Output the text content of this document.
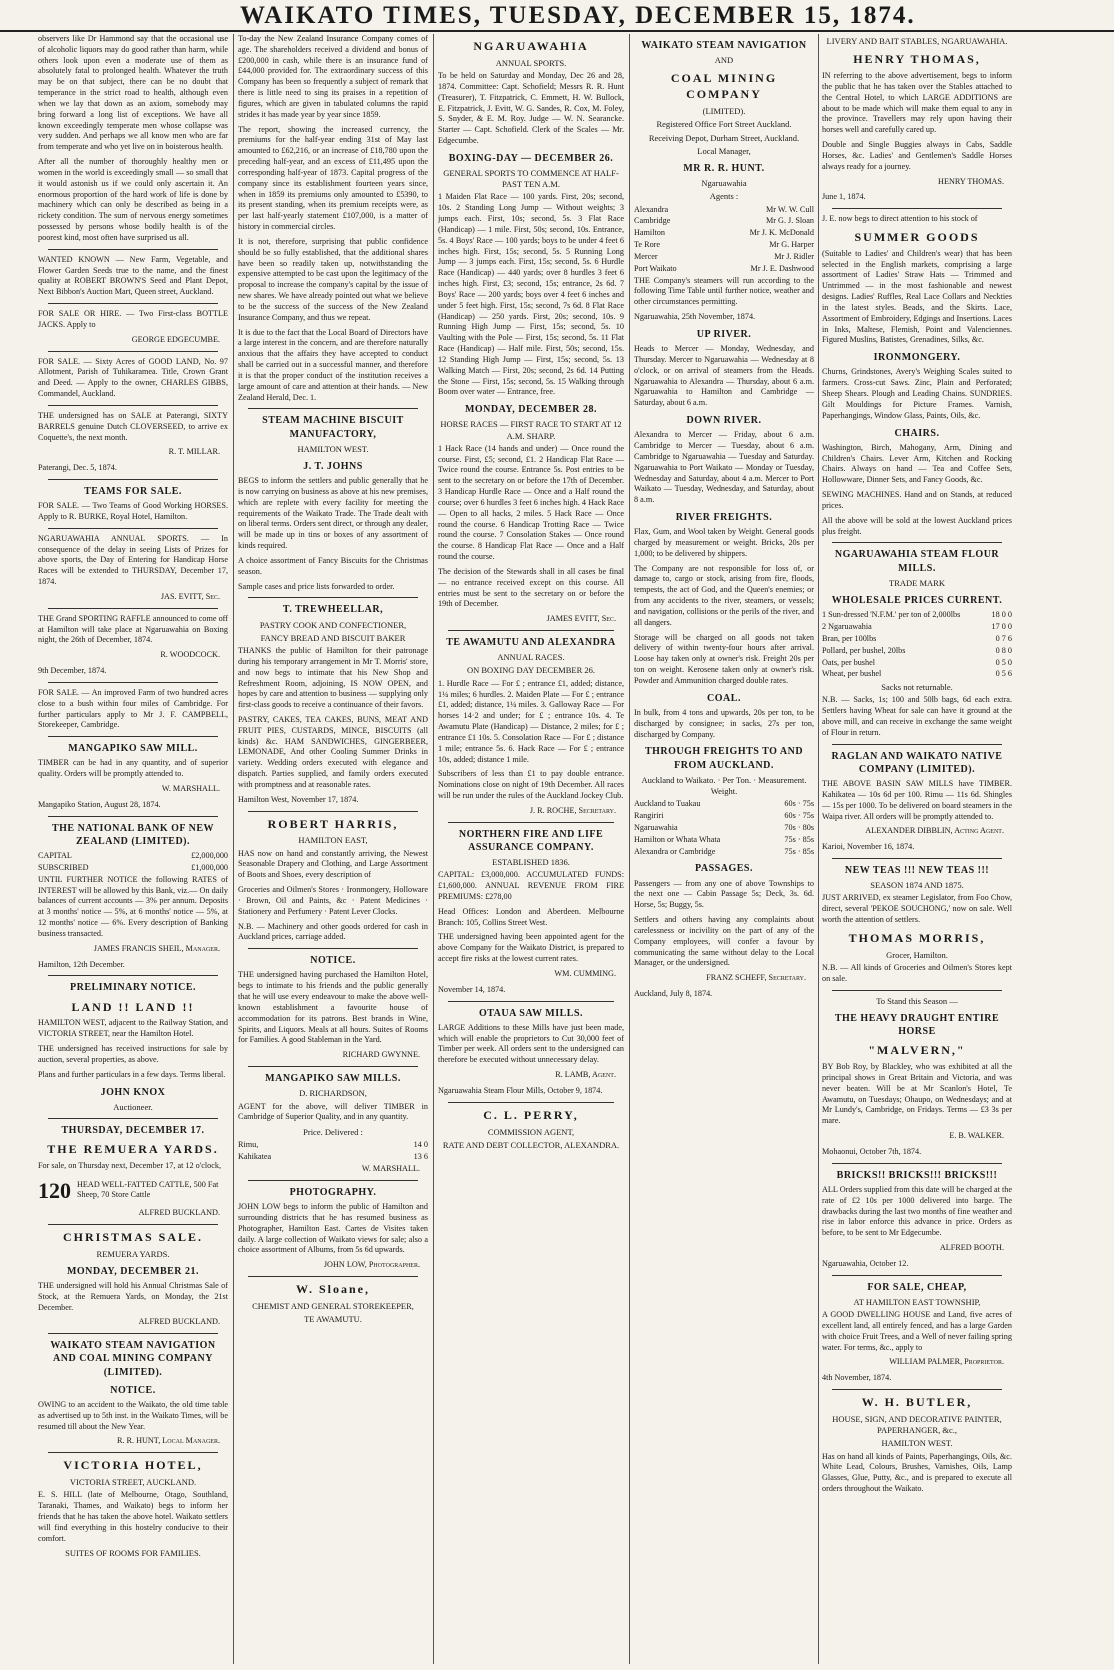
WAIKATO TIMES, TUESDAY, DECEMBER 15, 1874.

observers like Dr Hammond say that the occasional use of alcoholic liquors may do good rather than harm, while others look upon even a moderate use of them as absolutely fatal to prolonged health. Whatever the truth may be on that subject, there can be no doubt that temperance in the strict road to health, although even when we lay that down as an axiom, somebody may bring forward a long list of exceptions. We have all known exceedingly temperate men whose collapse was very sudden. And perhaps we all know men who are far from temperate and who yet live on in boisterous health.

After all the number of thoroughly healthy men or women in the world is exceedingly small — so small that it would astonish us if we could only ascertain it. An enormous proportion of the hard work of life is done by machinery which can only be described as being in a rickety condition. The sum of nervous energy sometimes possessed by persons whose bodily health is of the poorest kind, most often have surprised us all.

WANTED KNOWN — New Farm, Vegetable, and Flower Garden Seeds true to the name, and the finest quality at ROBERT BROWN'S Seed and Plant Depot, Next Bibbon's Auction Mart, Queen street, Auckland.

FOR SALE OR HIRE. — Two First-class BOTTLE JACKS. Apply to

GEORGE EDGECUMBE.

FOR SALE. — Sixty Acres of GOOD LAND, No. 97 Allotment, Parish of Tuhikaramea. Title, Crown Grant and Deed. — Apply to the owner, CHARLES GIBBS, Commandel, Auckland.

THE undersigned has on SALE at Paterangi, SIXTY BARRELS genuine Dutch CLOVERSEED, to arrive ex Coquette's, the next month.

R. T. MILLAR.

Paterangi, Dec. 5, 1874.

TEAMS FOR SALE.

FOR SALE. — Two Teams of Good Working HORSES. Apply to R. BURKE, Royal Hotel, Hamilton.

NGARUAWAHIA ANNUAL SPORTS. — In consequence of the delay in seeing Lists of Prizes for above sports, the Day of Entering for Handicap Horse Races will be extended to THURSDAY, December 17, 1874.

JAS. EVITT, Sec.

THE Grand SPORTING RAFFLE announced to come off at Hamilton will take place at Ngaruawahia on Boxing night, the 26th of December, 1874.

R. WOODCOCK.

9th December, 1874.

FOR SALE. — An improved Farm of two hundred acres close to a bush within four miles of Cambridge. For further particulars apply to Mr J. F. CAMPBELL, Storekeeper, Cambridge.

MANGAPIKO SAW MILL.

TIMBER can be had in any quantity, and of superior quality. Orders will be promptly attended to.

W. MARSHALL.

Mangapiko Station, August 28, 1874.

THE NATIONAL BANK OF NEW ZEALAND (LIMITED).
CAPITAL	£2,000,000
SUBSCRIBED	£1,000,000

UNTIL FURTHER NOTICE the following RATES of INTEREST will be allowed by this Bank, viz.— On daily balances of current accounts — 3% per annum. Deposits at 3 months' notice — 5%, at 6 months' notice — 5%, at 12 months' notice — 6%. Every description of Banking business transacted.

JAMES FRANCIS SHEIL, Manager.

Hamilton, 12th December.

PRELIMINARY NOTICE.
LAND !! LAND !!

HAMILTON WEST, adjacent to the Railway Station, and VICTORIA STREET, near the Hamilton Hotel.

THE undersigned has received instructions for sale by auction, several properties, as above.

Plans and further particulars in a few days. Terms liberal.

JOHN KNOX
Auctioneer.
THURSDAY, DECEMBER 17.
THE REMUERA YARDS.

For sale, on Thursday next, December 17, at 12 o'clock,

120 HEAD WELL-FATTED CATTLE, 500 Fat Sheep, 70 Store Cattle
ALFRED BUCKLAND.
CHRISTMAS SALE.
REMUERA YARDS.
MONDAY, DECEMBER 21.

THE undersigned will hold his Annual Christmas Sale of Stock, at the Remuera Yards, on Monday, the 21st December.

ALFRED BUCKLAND.
WAIKATO STEAM NAVIGATION AND COAL MINING COMPANY (LIMITED).
NOTICE.

OWING to an accident to the Waikato, the old time table as advertised up to 5th inst. in the Waikato Times, will be resumed till about the New Year.

R. R. HUNT, Local Manager.
VICTORIA HOTEL,
VICTORIA STREET, AUCKLAND.

E. S. HILL (late of Melbourne, Otago, Southland, Taranaki, Thames, and Waikato) begs to inform her friends that he has taken the above hotel. Waikato settlers will find everything in this hostelry conducive to their comfort.

SUITES OF ROOMS FOR FAMILIES.

To-day the New Zealand Insurance Company comes of age. The shareholders received a dividend and bonus of £200,000 in cash, while there is an insurance fund of £44,000 provided for. The extraordinary success of this Company has been so frequently a subject of remark that there is little need to sing its praises in a repetition of figures, which are given in tabulated columns the rapid strides it has made year by year since 1859.

The report, showing the increased currency, the premiums for the half-year ending 31st of May last amounted to £62,216, or an increase of £18,780 upon the preceding half-year, and an excess of £11,495 upon the corresponding half-year of 1873. Capital progress of the company since its establishment fourteen years since, when in 1859 its premiums only amounted to £5390, to its present standing, when its premium receipts were, as per last half-yearly statement £107,000, is a matter of history in commercial circles.

It is not, therefore, surprising that public confidence should be so fully established, that the additional shares have been so readily taken up, notwithstanding the expensive attempted to be cast upon the legitimacy of the proposal to increase the company's capital by the issue of new shares. We have already pointed out what we believe to be the success of the success of the New Zealand Insurance Company, and thus we repeat.

It is due to the fact that the Local Board of Directors have a large interest in the concern, and are therefore naturally anxious that the affairs they have accepted to conduct shall be carried out in a successful manner, and therefore it is that the proper conduct of the institution receives a large amount of care and attention at their hands. — New Zealand Herald, Dec. 1.

STEAM MACHINE BISCUIT MANUFACTORY,
HAMILTON WEST.
J. T. JOHNS

BEGS to inform the settlers and public generally that he is now carrying on business as above at his new premises, which are replete with every facility for meeting the requirements of the Waikato Trade. The Trade dealt with on liberal terms. Orders sent direct, or through any dealer, will be made up in tins or boxes of any assortment of kinds required.

A choice assortment of Fancy Biscuits for the Christmas season.

Sample cases and price lists forwarded to order.

T. TREWHEELLAR,
PASTRY COOK AND CONFECTIONER,
FANCY BREAD AND BISCUIT BAKER

THANKS the public of Hamilton for their patronage during his temporary arrangement in Mr T. Morris' store, and now begs to intimate that his New Shop and Refreshment Room, adjoining, IS NOW OPEN, and hopes by care and attention to business — supplying only first-class goods to receive a continuance of their favors.

PASTRY, CAKES, TEA CAKES, BUNS, MEAT AND FRUIT PIES, CUSTARDS, MINCE, BISCUITS (all kinds) &c. HAM SANDWICHES, GINGERBEER, LEMONADE, And other Cooling Summer Drinks in variety. Wedding orders executed with elegance and dispatch. Parties supplied, and family orders executed with promptness and at reasonable rates.

Hamilton West, November 17, 1874.

ROBERT HARRIS,
HAMILTON EAST,

HAS now on hand and constantly arriving, the Newest Seasonable Drapery and Clothing, and Large Assortment of Boots and Shoes, every description of

Groceries and Oilmen's Stores · Ironmongery, Holloware · Brown, Oil and Paints, &c · Patent Medicines · Stationery and Perfumery · Patent Lever Clocks.

N.B. — Machinery and other goods ordered for cash in Auckland prices, carriage added.

NOTICE.

THE undersigned having purchased the Hamilton Hotel, begs to intimate to his friends and the public generally that he will use every endeavour to make the above well-known establishment a favourite house of accommodation for its patrons. Best brands in Wine, Spirits, and Liquors. Meals at all hours. Suites of Rooms for Families. A good Stableman in the Yard.

RICHARD GWYNNE.
MANGAPIKO SAW MILLS.
D. RICHARDSON,

AGENT for the above, will deliver TIMBER in Cambridge of Superior Quality, and in any quantity.

Price. Delivered :
Rimu,	14 0
Kahikatea	13 6
W. MARSHALL.
PHOTOGRAPHY.

JOHN LOW begs to inform the public of Hamilton and surrounding districts that he has resumed business as Photographer, Hamilton East. Cartes de Visites taken daily. A large collection of Waikato views for sale; also a choice assortment of Albums, from 5s 6d upwards.

JOHN LOW, Photographer.
W. Sloane,
CHEMIST AND GENERAL STOREKEEPER,
TE AWAMUTU.
NGARUAWAHIA
ANNUAL SPORTS.

To be held on Saturday and Monday, Dec 26 and 28, 1874. Committee: Capt. Schofield; Messrs R. R. Hunt (Treasurer), T. Fitzpatrick, C. Emmett, H. W. Bullock, E. Fitzpatrick, J. Evitt, W. G. Sandes, R. Cox, M. Foley, S. Snyder, & E. M. Roy. Judge — W. N. Searancke. Starter — Capt. Schofield. Clerk of the Scales — Mr. Edgecumbe.

BOXING-DAY — DECEMBER 26.
GENERAL SPORTS TO COMMENCE AT HALF-PAST TEN A.M.

1 Maiden Flat Race — 100 yards. First, 20s; second, 10s. 2 Standing Long Jump — Without weights; 3 jumps each. First, 10s; second, 5s. 3 Flat Race (Handicap) — 1 mile. First, 50s; second, 10s. Entrance, 5s. 4 Boys' Race — 100 yards; boys to be under 4 feet 6 inches high. First, 15s; second, 5s. 5 Running Long Jump — 3 jumps each. First, 15s; second, 5s. 6 Hurdle Race (Handicap) — 440 yards; over 8 hurdles 3 feet 6 inches high. First, £3; second, 15s; entrance, 2s 6d. 7 Boys' Race — 200 yards; boys over 4 feet 6 inches and under 5 feet high. First, 15s; second, 7s 6d. 8 Flat Race (Handicap) — 250 yards. First, 20s; second, 10s. 9 Running High Jump — First, 15s; second, 5s. 10 Vaulting with the Pole — First, 15s; second, 5s. 11 Flat Race (Handicap) — Half mile. First, 50s; second, 15s. 12 Standing High Jump — First, 15s; second, 5s. 13 Walking Match — First, 20s; second, 2s 6d. 14 Putting the Stone — First, 15s; second, 5s. 15 Walking through Boom over water — Entrance, free.

MONDAY, DECEMBER 28.
HORSE RACES — FIRST RACE TO START AT 12 A.M. SHARP.

1 Hack Race (14 hands and under) — Once round the course. First, £5; second, £1. 2 Handicap Flat Race — Twice round the course. Entrance 5s. Post entries to be sent to the secretary on or before the 17th of December. 3 Handicap Hurdle Race — Once and a Half round the course; over 6 hurdles 3 feet 6 inches high. 4 Hack Race — Open to all hacks, 2 miles. 5 Hack Race — Once round the course. 6 Handicap Trotting Race — Twice round the course. 7 Consolation Stakes — Once round the course. 8 Handicap Flat Race — Once and a Half round the course.

The decision of the Stewards shall in all cases be final — no entrance received except on this course. All entries must be sent to the secretary on or before the 19th of December.

JAMES EVITT, Sec.
TE AWAMUTU AND ALEXANDRA
ANNUAL RACES.
ON BOXING DAY DECEMBER 26.

1. Hurdle Race — For £ ; entrance £1, added; distance, 1¼ miles; 6 hurdles. 2. Maiden Plate — For £ ; entrance £1, added; distance, 1¼ miles. 3. Galloway Race — For horses 14·2 and under; for £ ; entrance 10s. 4. Te Awamutu Plate (Handicap) — Distance, 2 miles; for £ ; entrance £1 10s. 5. Consolation Race — For £ ; distance 1 mile; entrance 5s. 6. Hack Race — For £ ; entrance 10s, added; distance 1 mile.

Subscribers of less than £1 to pay double entrance. Nominations close on night of 19th December. All races will be run under the rules of the Auckland Jockey Club.

J. R. ROCHE, Secretary.
NORTHERN FIRE AND LIFE ASSURANCE COMPANY.
ESTABLISHED 1836.

CAPITAL: £3,000,000. ACCUMULATED FUNDS: £1,600,000. ANNUAL REVENUE FROM FIRE PREMIUMS: £278,00

Head Offices: London and Aberdeen. Melbourne Branch: 105, Collins Street West.

THE undersigned having been appointed agent for the above Company for the Waikato District, is prepared to accept fire risks at the lowest current rates.

WM. CUMMING.

November 14, 1874.

OTAUA SAW MILLS.

LARGE Additions to these Mills have just been made, which will enable the proprietors to Cut 30,000 feet of Timber per week. All orders sent to the undersigned can therefore be executed without unnecessary delay.

R. LAMB, Agent.

Ngaruawahia Steam Flour Mills, October 9, 1874.

C. L. PERRY,
COMMISSION AGENT,
RATE AND DEBT COLLECTOR, ALEXANDRA.
WAIKATO STEAM NAVIGATION
AND
COAL MINING COMPANY
(LIMITED).
Registered Office Fort Street Auckland.
Receiving Depot, Durham Street, Auckland.
Local Manager,
MR R. R. HUNT.
Ngaruawahia
Agents :
Alexandra	Mr W. W. Cull
Cambridge	Mr G. J. Sloan
Hamilton	Mr J. K. McDonald
Te Rore	Mr G. Harper
Mercer	Mr J. Ridler
Port Waikato	Mr J. E. Dashwood

THE Company's steamers will run according to the following Time Table until further notice, weather and other circumstances permitting.

Ngaruawahia, 25th November, 1874.

UP RIVER.

Heads to Mercer — Monday, Wednesday, and Thursday. Mercer to Ngaruawahia — Wednesday at 8 o'clock, or on arrival of steamers from the Heads. Ngaruawahia to Alexandra — Thursday, about 6 a.m. Ngaruawahia to Hamilton and Cambridge — Saturday, about 6 a.m.

DOWN RIVER.

Alexandra to Mercer — Friday, about 6 a.m. Cambridge to Mercer — Tuesday, about 6 a.m. Cambridge to Ngaruawahia — Tuesday and Saturday. Ngaruawahia to Port Waikato — Monday or Tuesday, Wednesday and Saturday, about 4 a.m. Mercer to Port Waikato — Tuesday, Wednesday, and Saturday, about 8 a.m.

RIVER FREIGHTS.

Flax, Gum, and Wool taken by Weight. General goods charged by measurement or weight. Bricks, 20s per 1,000; to be delivered by shippers.

The Company are not responsible for loss of, or damage to, cargo or stock, arising from fire, floods, tempests, the act of God, and the Queen's enemies; or from any accidents to the river, steamers, or vessels; and navigation, collisions or the perils of the river, and all dangers.

Storage will be charged on all goods not taken delivery of within twenty-four hours after arrival. Loose hay taken only at owner's risk. Freight 20s per ton on weight. Kerosene taken only at owner's risk. Powder and Ammunition charged double rates.

COAL.

In bulk, from 4 tons and upwards, 20s per ton, to be discharged by consignee; in sacks, 27s per ton, discharged by Company.

THROUGH FREIGHTS TO AND FROM AUCKLAND.
Auckland to Waikato. · Per Ton. · Measurement. Weight.
Auckland to Tuakau	60s · 75s
Rangiriri	60s · 75s
Ngaruawahia	70s · 80s
Hamilton or Whata Whata	75s · 85s
Alexandra or Cambridge	75s · 85s
PASSAGES.

Passengers — from any one of above Townships to the next one — Cabin Passage 5s; Deck, 3s. 6d. Horse, 5s; Buggy, 5s.

Settlers and others having any complaints about carelessness or incivility on the part of any of the Company employees, will confer a favour by communicating the same without delay to the Local Manager, or the undersigned.

FRANZ SCHEFF, Secretary.

Auckland, July 8, 1874.

LIVERY AND BAIT STABLES, NGARUAWAHIA.
HENRY THOMAS,

IN referring to the above advertisement, begs to inform the public that he has taken over the Stables attached to the Central Hotel, to which LARGE ADDITIONS are about to be made which will make them equal to any in the province. Travellers may rely upon having their horses well and carefully cared up.

Double and Single Buggies always in Cabs, Saddle Horses, &c. Ladies' and Gentlemen's Saddle Horses always ready for a journey.

HENRY THOMAS.

June 1, 1874.

J. E. now begs to direct attention to his stock of

SUMMER GOODS

(Suitable to Ladies' and Children's wear) that has been selected in the English markets, comprising a large assortment of Ladies' Straw Hats — Trimmed and Untrimmed — in the most fashionable and newest designs. Ladies' Ruffles, Real Lace Collars and Neckties in the latest styles. Beads, and the Skirts. Lace, Assortment of Embroidery, Edgings and Insertions. Laces in Inks, Maltese, Flemish, Point and Valenciennes. Figured Muslins, Batistes, Grenadines, Silks, &c.

IRONMONGERY.

Churns, Grindstones, Avery's Weighing Scales suited to farmers. Cross-cut Saws. Zinc, Plain and Perforated; Sheep Shears. Plough and Leading Chains. SUNDRIES. Gilt Mouldings for Picture Frames. Varnish, Paperhangings, Window Glass, Paints, Oils, &c.

CHAIRS.

Washington, Birch, Mahogany, Arm, Dining and Children's Chairs. Lever Arm, Kitchen and Rocking Chairs. Always on hand — Tea and Coffee Sets, Hollowware, Dinner Sets, and Fancy Goods, &c.

SEWING MACHINES. Hand and on Stands, at reduced prices.

All the above will be sold at the lowest Auckland prices plus freight.

NGARUAWAHIA STEAM FLOUR MILLS.
TRADE MARK
WHOLESALE PRICES CURRENT.
1 Sun-dressed 'N.F.M.' per ton of 2,000lbs	18 0 0
2 Ngaruawahia	17 0 0
Bran, per 100lbs	0 7 6
Pollard, per bushel, 20lbs	0 8 0
Oats, per bushel	0 5 0
Wheat, per bushel	0 5 6
Sacks not returnable.

N.B. — Sacks, 1s; 100 and 50lb bags, 6d each extra. Settlers having Wheat for sale can have it ground at the above mill, and can receive in exchange the same weight of Flour in return.

RAGLAN AND WAIKATO NATIVE COMPANY (LIMITED).

THE ABOVE BASIN SAW MILLS have TIMBER. Kahikatea — 10s 6d per 100. Rimu — 11s 6d. Shingles — 15s per 1000. To be delivered on board steamers in the Waipa river. All orders will be promptly attended to.

ALEXANDER DIBBLIN, Acting Agent.

Karioi, November 16, 1874.

NEW TEAS !!! NEW TEAS !!!
SEASON 1874 AND 1875.

JUST ARRIVED, ex steamer Legislator, from Foo Chow, direct, several 'PEKOE SOUCHONG,' now on sale. Well worth the attention of settlers.

THOMAS MORRIS,
Grocer, Hamilton.

N.B. — All kinds of Groceries and Oilmen's Stores kept on sale.

To Stand this Season —
THE HEAVY DRAUGHT ENTIRE HORSE
"MALVERN,"

BY Bob Roy, by Blackley, who was exhibited at all the principal shows in Great Britain and Victoria, and was never beaten. Will be at Mr Scanlon's Hotel, Te Awamutu, on Tuesdays; Ohaupo, on Wednesdays; and at Mr Lundy's, Cambridge, on Fridays. Terms — £3 3s per mare.

E. B. WALKER.

Mohaonui, October 7th, 1874.

BRICKS!! BRICKS!!! BRICKS!!!

ALL Orders supplied from this date will be charged at the rate of £2 10s per 1000 delivered into barge. The drawbacks during the last two months of fine weather and rise in labor enforce this advance in price. Orders as before, to be sent to Mr Edgecumbe.

ALFRED BOOTH.

Ngaruawahia, October 12.

FOR SALE, CHEAP,
AT HAMILTON EAST TOWNSHIP,

A GOOD DWELLING HOUSE and Land, five acres of excellent land, all entirely fenced, and has a large Garden with choice Fruit Trees, and a Well of never failing spring water. For terms, &c., apply to

WILLIAM PALMER, Proprietor.

4th November, 1874.

W. H. BUTLER,
HOUSE, SIGN, AND DECORATIVE PAINTER, PAPERHANGER, &c.,
HAMILTON WEST.

Has on hand all kinds of Paints, Paperhangings, Oils, &c. White Lead, Colours, Brushes, Varnishes, Oils, Lamp Glasses, Glue, Putty, &c., and is prepared to execute all orders throughout the Waikato.
